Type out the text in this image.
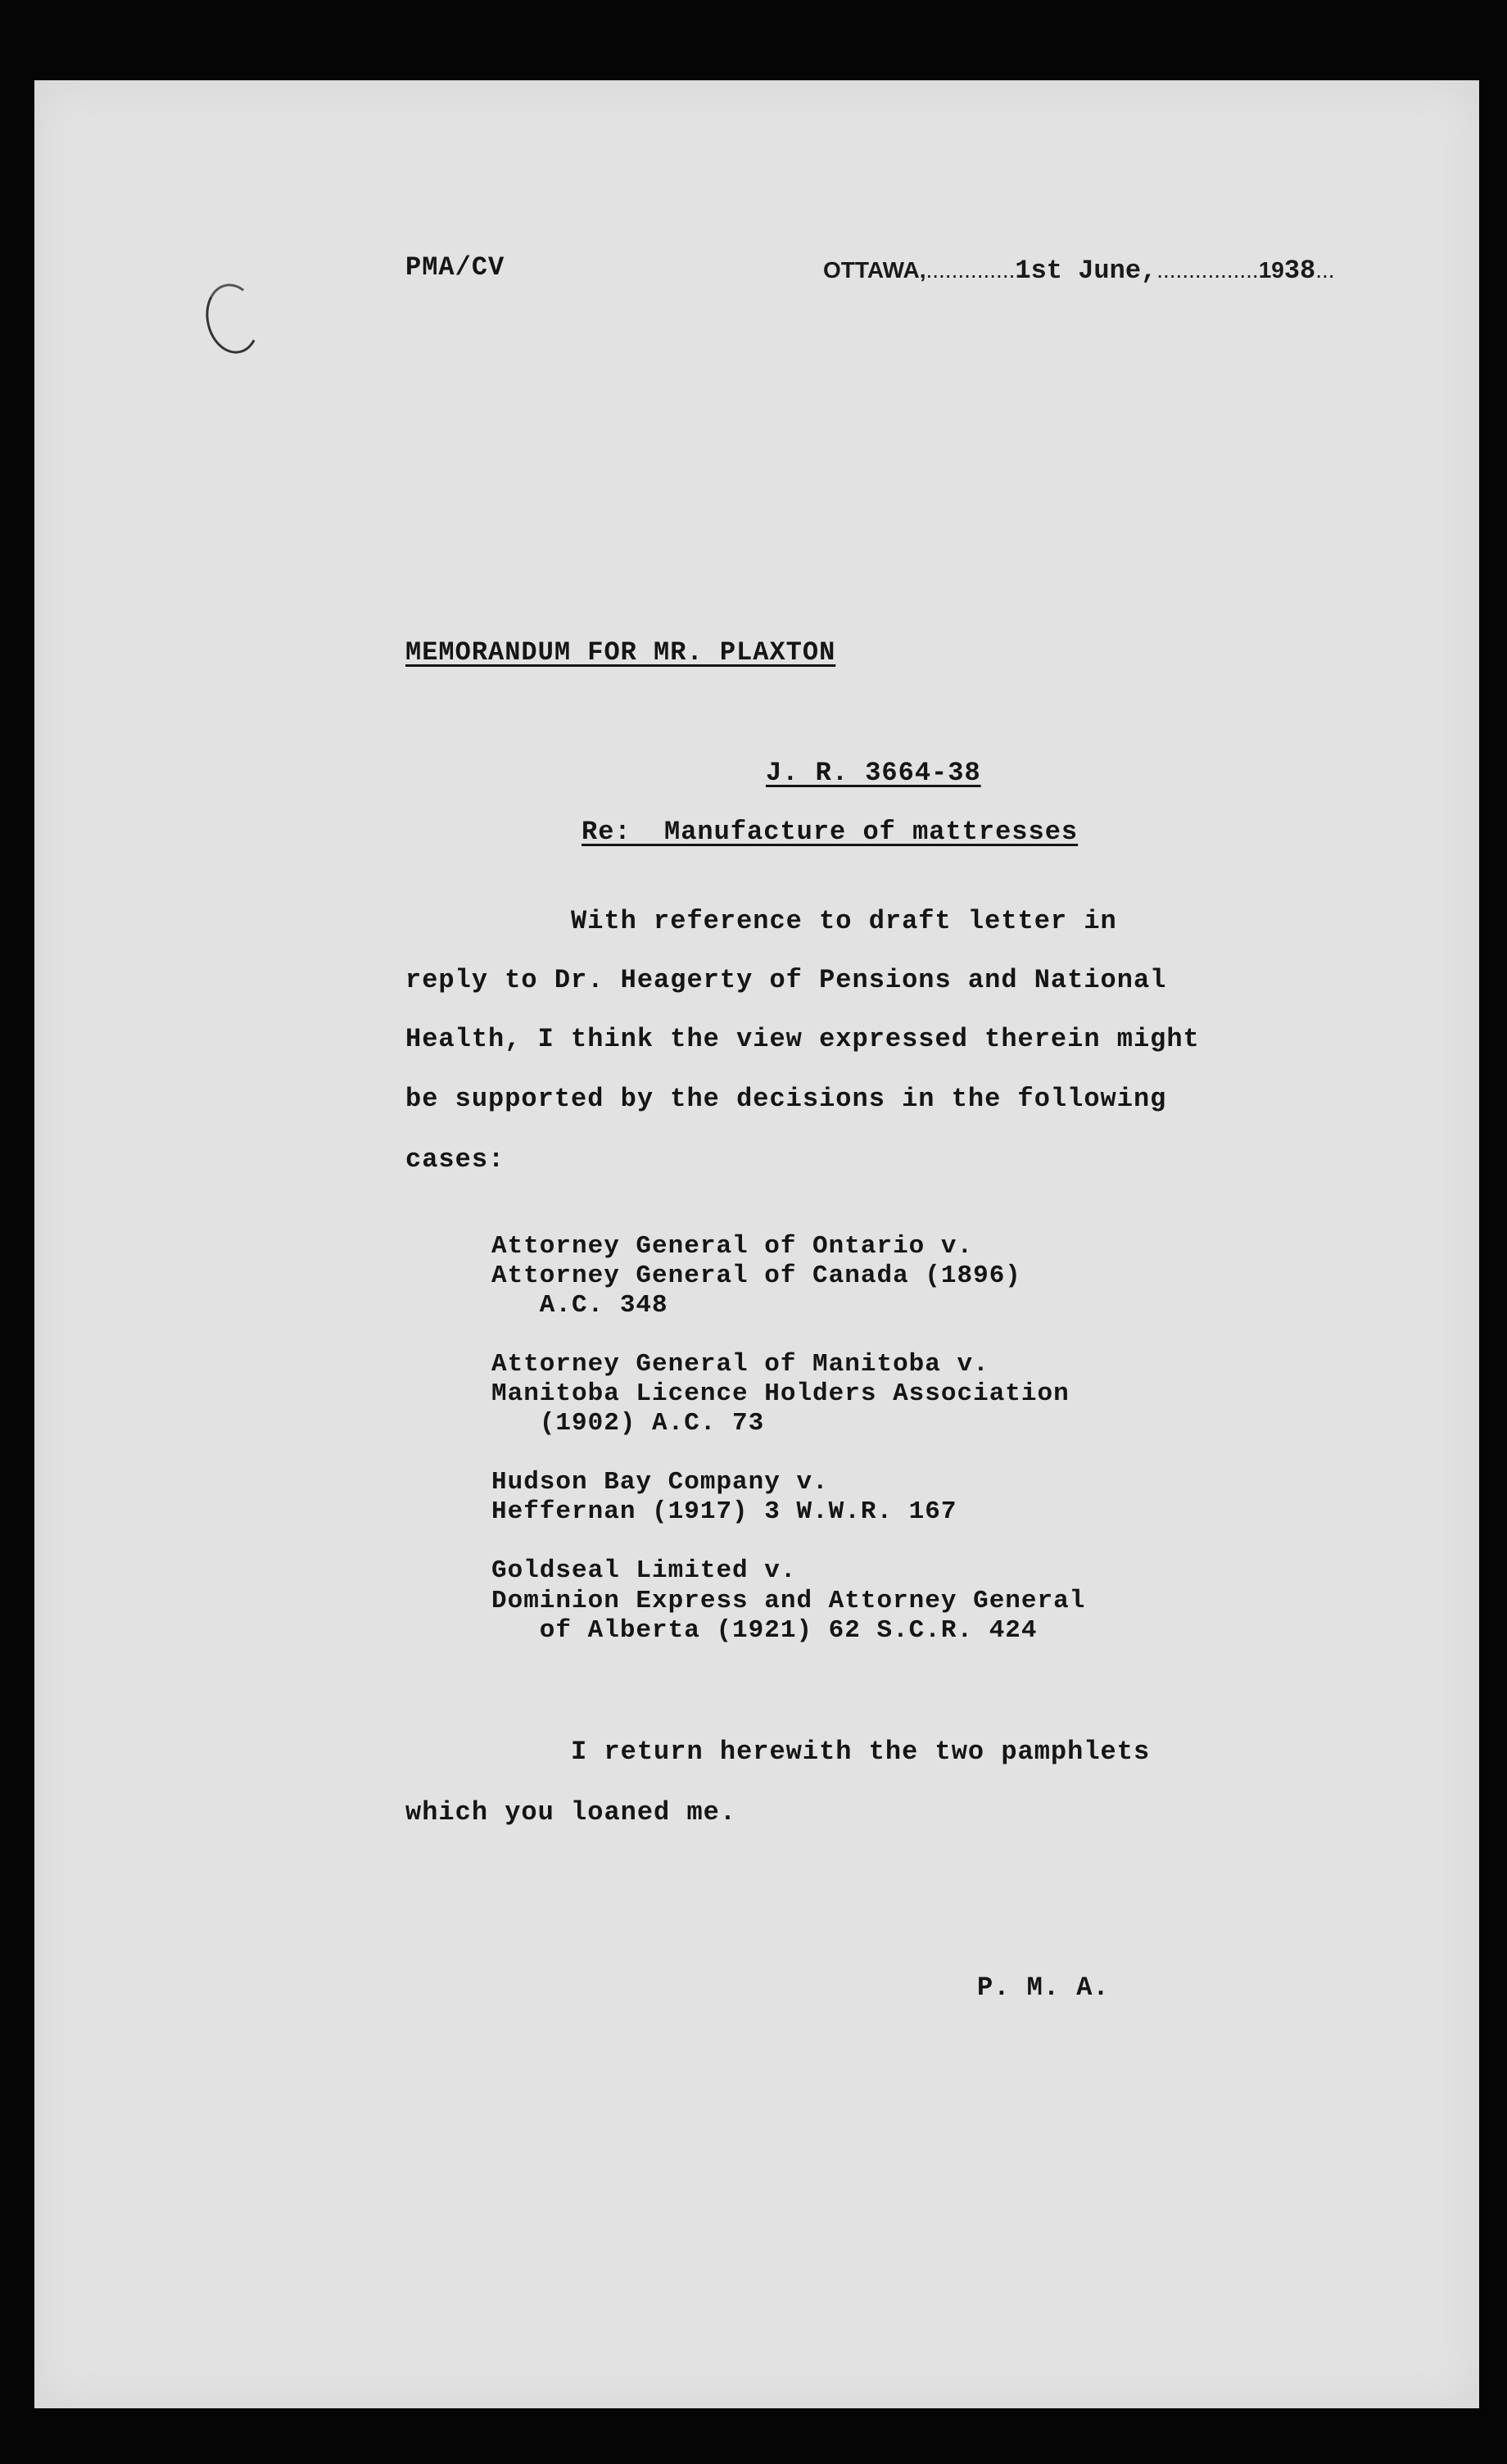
PMA/CV	OTTAWA,..............1st June,................1938...
MEMORANDUM FOR MR. PLAXTON
J. R. 3664-38
Re:  Manufacture of mattresses
With reference to draft letter in
reply to Dr. Heagerty of Pensions and National
Health, I think the view expressed therein might
be supported by the decisions in the following
cases:
Attorney General of Ontario v.
Attorney General of Canada (1896)
A.C. 348
Attorney General of Manitoba v.
Manitoba Licence Holders Association
(1902) A.C. 73
Hudson Bay Company v.
Heffernan (1917) 3 W.W.R. 167
Goldseal Limited v.
Dominion Express and Attorney General
of Alberta (1921) 62 S.C.R. 424
I return herewith the two pamphlets
which you loaned me.
P. M. A.
